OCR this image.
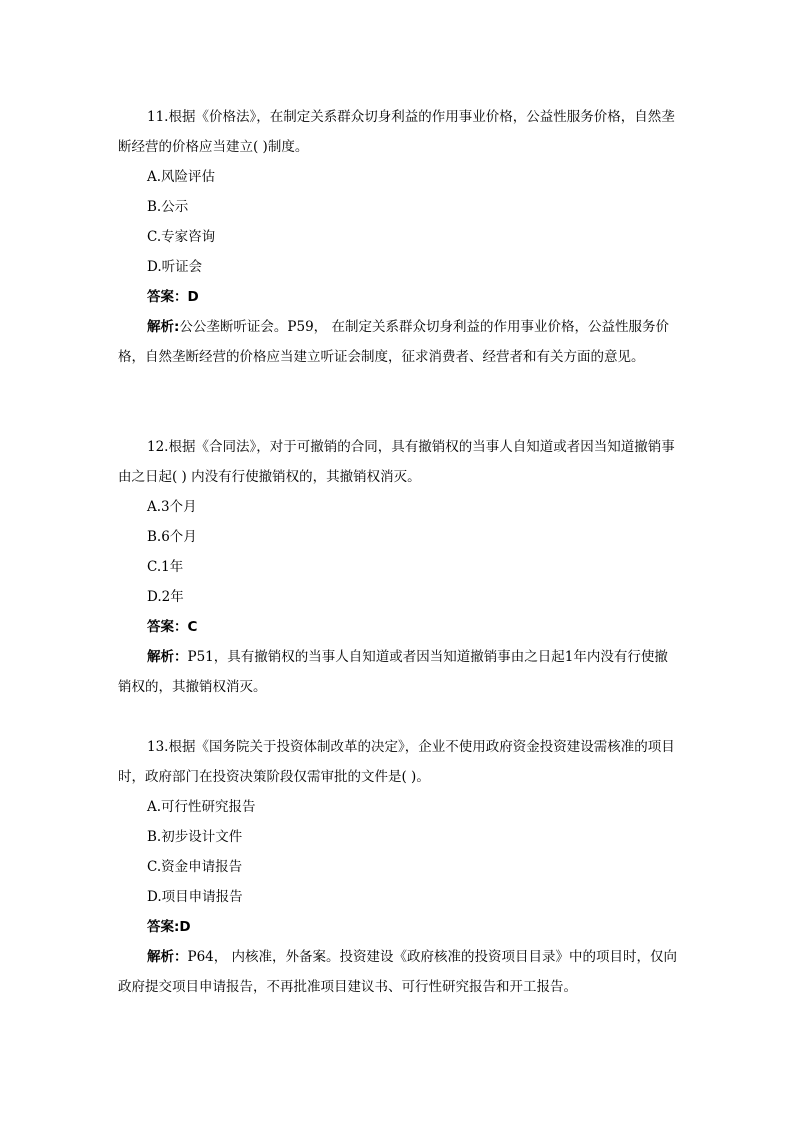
11.根据《价格法》，在制定关系群众切身利益的作用事业价格，公益性服务价格，自然垄断经营的价格应当建立( )制度。

A.风险评估

B.公示

C.专家咨询

D.听证会

答案：D

解析:公公垄断听证会。P59， 在制定关系群众切身利益的作用事业价格，公益性服务价格，自然垄断经营的价格应当建立听证会制度，征求消费者、经营者和有关方面的意见。

12.根据《合同法》，对于可撤销的合同，具有撤销权的当事人自知道或者因当知道撤销事由之日起( ) 内没有行使撤销权的，其撤销权消灭。

A.3个月

B.6个月

C.1年

D.2年

答案：C

解析：P51，具有撤销权的当事人自知道或者因当知道撤销事由之日起1年内没有行使撤销权的，其撤销权消灭。

13.根据《国务院关于投资体制改革的决定》，企业不使用政府资金投资建设需核准的项目时，政府部门在投资决策阶段仅需审批的文件是( )。

A.可行性研究报告

B.初步设计文件

C.资金申请报告

D.项目申请报告

答案:D

解析：P64， 内核准，外备案。投资建设《政府核准的投资项目目录》中的项目时，仅向政府提交项目申请报告，不再批准项目建议书、可行性研究报告和开工报告。
